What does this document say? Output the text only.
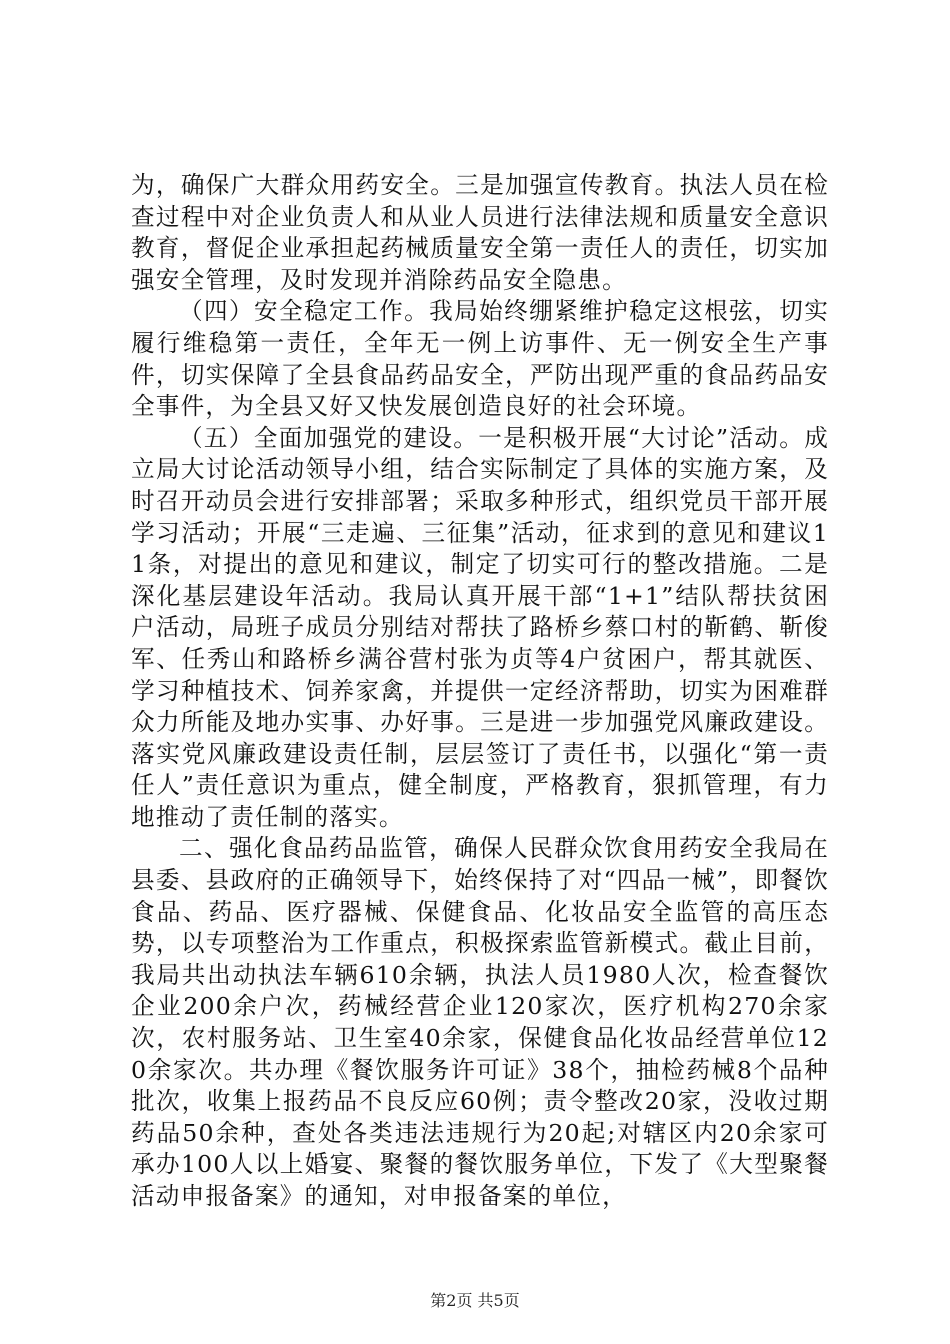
为，确保广大群众用药安全。三是加强宣传教育。执法人员在检查过程中对企业负责人和从业人员进行法律法规和质量安全意识教育，督促企业承担起药械质量安全第一责任人的责任，切实加强安全管理，及时发现并消除药品安全隐患。

（四）安全稳定工作。我局始终绷紧维护稳定这根弦，切实履行维稳第一责任，全年无一例上访事件、无一例安全生产事件，切实保障了全县食品药品安全，严防出现严重的食品药品安全事件，为全县又好又快发展创造良好的社会环境。

（五）全面加强党的建设。一是积极开展“大讨论”活动。成立局大讨论活动领导小组，结合实际制定了具体的实施方案，及时召开动员会进行安排部署；采取多种形式，组织党员干部开展学习活动；开展“三走遍、三征集”活动，征求到的意见和建议11条，对提出的意见和建议，制定了切实可行的整改措施。二是深化基层建设年活动。我局认真开展干部“1+1”结队帮扶贫困户活动，局班子成员分别结对帮扶了路桥乡蔡口村的靳鹤、靳俊军、任秀山和路桥乡满谷营村张为贞等4户贫困户，帮其就医、学习种植技术、饲养家禽，并提供一定经济帮助，切实为困难群众力所能及地办实事、办好事。三是进一步加强党风廉政建设。落实党风廉政建设责任制，层层签订了责任书，以强化“第一责任人”责任意识为重点，健全制度，严格教育，狠抓管理，有力地推动了责任制的落实。

二、强化食品药品监管，确保人民群众饮食用药安全我局在县委、县政府的正确领导下，始终保持了对“四品一械”，即餐饮食品、药品、医疗器械、保健食品、化妆品安全监管的高压态势，以专项整治为工作重点，积极探索监管新模式。截止目前，我局共出动执法车辆610余辆，执法人员1980人次，检查餐饮企业200余户次，药械经营企业120家次，医疗机构270余家次，农村服务站、卫生室40余家，保健食品化妆品经营单位120余家次。共办理《餐饮服务许可证》38个，抽检药械8个品种批次，收集上报药品不良反应60例；责令整改20家，没收过期药品50余种，查处各类违法违规行为20起;对辖区内20余家可承办100人以上婚宴、聚餐的餐饮服务单位，下发了《大型聚餐活动申报备案》的通知，对申报备案的单位，

第2页 共5页
